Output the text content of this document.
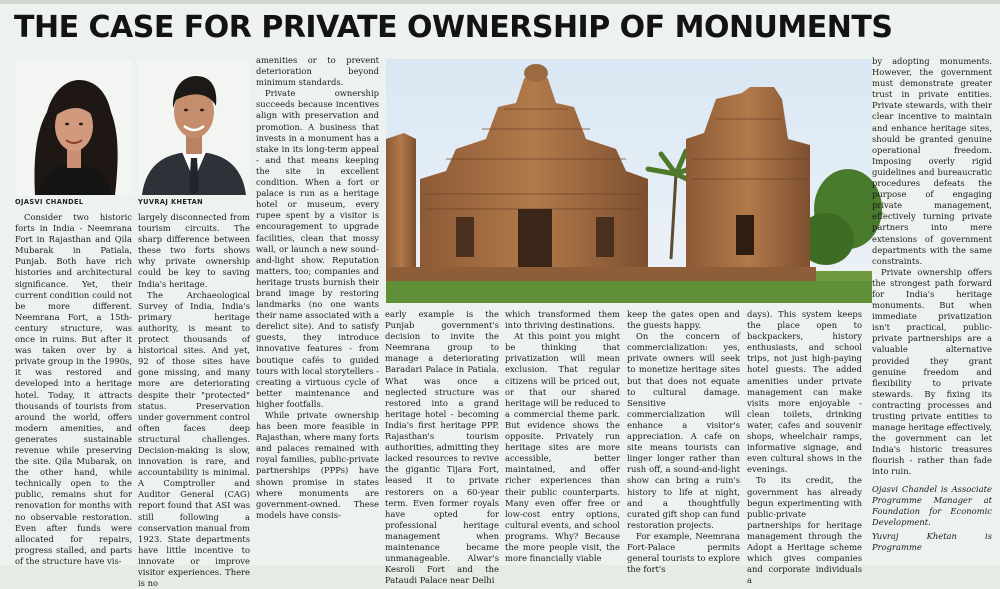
THE CASE FOR PRIVATE OWNERSHIP OF MONUMENTS

OJASVI CHANDEL	YUVRAJ KHETAN

Consider two historic forts in India - Neemrana Fort in Rajasthan and Qila Mubarak in Patiala, Punjab. Both have rich histories and architectural significance. Yet, their current condition could not be more different. Neemrana Fort, a 15th-century structure, was once in ruins. But after it was taken over by a private group in the 1990s, it was restored and developed into a heritage hotel. Today, it attracts thousands of tourists from around the world, offers modern amenities, and generates sustainable revenue while preserving the site. Qila Mubarak, on the other hand, while technically open to the public, remains shut for renovation for months with no observable restoration. Even after funds were allocated for repairs, progress stalled, and parts of the structure have vis-

largely disconnected from tourism circuits. The sharp difference between these two forts shows why private ownership could be key to saving India's heritage.

The Archaeological Survey of India, India's primary heritage authority, is meant to protect thousands of historical sites. And yet, 92 of those sites have gone missing, and many more are deteriorating despite their "protected" status. Preservation under government control often faces deep structural challenges. Decision-making is slow, innovation is rare, and accountability is minimal. A Comptroller and Auditor General (CAG) report found that ASI was still following a conservation manual from 1923. State departments have little incentive to innovate or improve visitor experiences. There is no

amenities or to prevent deterioration beyond minimum standards.

Private ownership succeeds because incentives align with preservation and promotion. A business that invests in a monument has a stake in its long-term appeal - and that means keeping the site in excellent condition. When a fort or palace is run as a heritage hotel or museum, every rupee spent by a visitor is encouragement to upgrade facilities, clean that mossy wall, or launch a new sound-and-light show. Reputation matters, too; companies and heritage trusts burnish their brand image by restoring landmarks (no one wants their name associated with a derelict site). And to satisfy guests, they introduce innovative features - from boutique cafés to guided tours with local storytellers - creating a virtuous cycle of better maintenance and higher footfalls.

While private ownership has been more feasible in Rajasthan, where many forts and palaces remained with royal families, public-private partnerships (PPPs) have shown promise in states where monuments are government-owned. These models have consis-

early example is the Punjab government's decision to invite the Neemrana group to manage a deteriorating Baradari Palace in Patiala. What was once a neglected structure was restored into a grand heritage hotel - becoming India's first heritage PPP. Rajasthan's tourism authorities, admitting they lacked resources to revive the gigantic Tijara Fort, leased it to private restorers on a 60-year term. Even former royals have opted for professional heritage management when maintenance became unmanageable. Alwar's Kesroli Fort and the Pataudi Palace near Delhi

which transformed them into thriving destinations.

At this point you might be thinking that privatization will mean exclusion. That regular citizens will be priced out, or that our shared heritage will be reduced to a commercial theme park. But evidence shows the opposite. Privately run heritage sites are more accessible, better maintained, and offer richer experiences than their public counterparts. Many even offer free or low-cost entry options, cultural events, and school programs. Why? Because the more people visit, the more financially viable

keep the gates open and the guests happy.

On the concern of commercialization: yes, private owners will seek to monetize heritage sites but that does not equate to cultural damage. Sensitive commercialization will enhance a visitor's appreciation. A cafe on site means tourists can linger longer rather than rush off, a sound-and-light show can bring a ruin's history to life at night, and a thoughtfully curated gift shop can fund restoration projects.

For example, Neemrana Fort-Palace permits general tourists to explore the fort's

days). This system keeps the place open to backpackers, history enthusiasts, and school trips, not just high-paying hotel guests. The added amenities under private management can make visits more enjoyable - clean toilets, drinking water, cafes and souvenir shops, wheelchair ramps, informative signage, and even cultural shows in the evenings.

To its credit, the government has already begun experimenting with public-private partnerships for heritage management through the Adopt a Heritage scheme which gives companies and corporate individuals a

by adopting monuments. However, the government must demonstrate greater trust in private entities. Private stewards, with their clear incentive to maintain and enhance heritage sites, should be granted genuine operational freedom. Imposing overly rigid guidelines and bureaucratic procedures defeats the purpose of engaging private management, effectively turning private partners into mere extensions of government departments with the same constraints.

Private ownership offers the strongest path forward for India's heritage monuments. But when immediate privatization isn't practical, public-private partnerships are a valuable alternative provided they grant genuine freedom and flexibility to private stewards. By fixing its contracting processes and trusting private entities to manage heritage effectively, the government can let India's historic treasures flourish - rather than fade into ruin.

Ojasvi Chandel is Associate Programme Manager at Foundation for Economic Development.

Yuvraj Khetan is Programme
